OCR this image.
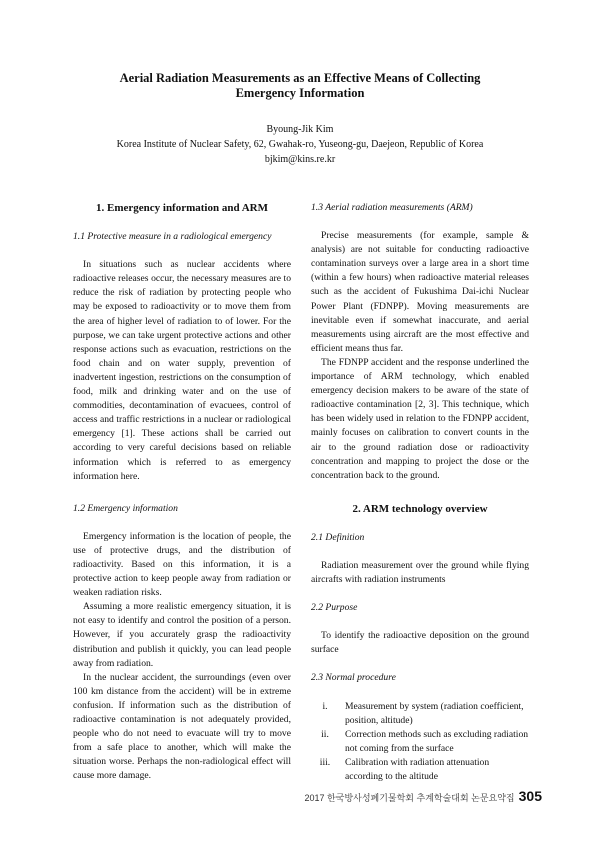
Aerial Radiation Measurements as an Effective Means of Collecting
Emergency Information
Byoung-Jik Kim
Korea Institute of Nuclear Safety, 62, Gwahak-ro, Yuseong-gu, Daejeon, Republic of Korea
bjkim@kins.re.kr
1. Emergency information and ARM
1.1 Protective measure in a radiological emergency

In situations such as nuclear accidents where radioactive releases occur, the necessary measures are to reduce the risk of radiation by protecting people who may be exposed to radioactivity or to move them from the area of higher level of radiation to of lower. For the purpose, we can take urgent protective actions and other response actions such as evacuation, restrictions on the food chain and on water supply, prevention of inadvertent ingestion, restrictions on the consumption of food, milk and drinking water and on the use of commodities, decontamination of evacuees, control of access and traffic restrictions in a nuclear or radiological emergency [1]. These actions shall be carried out according to very careful decisions based on reliable information which is referred to as emergency information here.

1.2 Emergency information

Emergency information is the location of people, the use of protective drugs, and the distribution of radioactivity. Based on this information, it is a protective action to keep people away from radiation or weaken radiation risks.

Assuming a more realistic emergency situation, it is not easy to identify and control the position of a person. However, if you accurately grasp the radioactivity distribution and publish it quickly, you can lead people away from radiation.

In the nuclear accident, the surroundings (even over 100 km distance from the accident) will be in extreme confusion. If information such as the distribution of radioactive contamination is not adequately provided, people who do not need to evacuate will try to move from a safe place to another, which will make the situation worse. Perhaps the non-radiological effect will cause more damage.

1.3 Aerial radiation measurements (ARM)

Precise measurements (for example, sample & analysis) are not suitable for conducting radioactive contamination surveys over a large area in a short time (within a few hours) when radioactive material releases such as the accident of Fukushima Dai-ichi Nuclear Power Plant (FDNPP). Moving measurements are inevitable even if somewhat inaccurate, and aerial measurements using aircraft are the most effective and efficient means thus far.

The FDNPP accident and the response underlined the importance of ARM technology, which enabled emergency decision makers to be aware of the state of radioactive contamination [2, 3]. This technique, which has been widely used in relation to the FDNPP accident, mainly focuses on calibration to convert counts in the air to the ground radiation dose or radioactivity concentration and mapping to project the dose or the concentration back to the ground.

2. ARM technology overview
2.1 Definition

Radiation measurement over the ground while flying aircrafts with radiation instruments

2.2 Purpose

To identify the radioactive deposition on the ground surface

2.3 Normal procedure
i.	Measurement by system (radiation coefficient, position, altitude)
ii.	Correction methods such as excluding radiation not coming from the surface
iii.	Calibration with radiation attenuation according to the altitude
2017 한국방사성폐기물학회 추계학술대회 논문요약집 305
